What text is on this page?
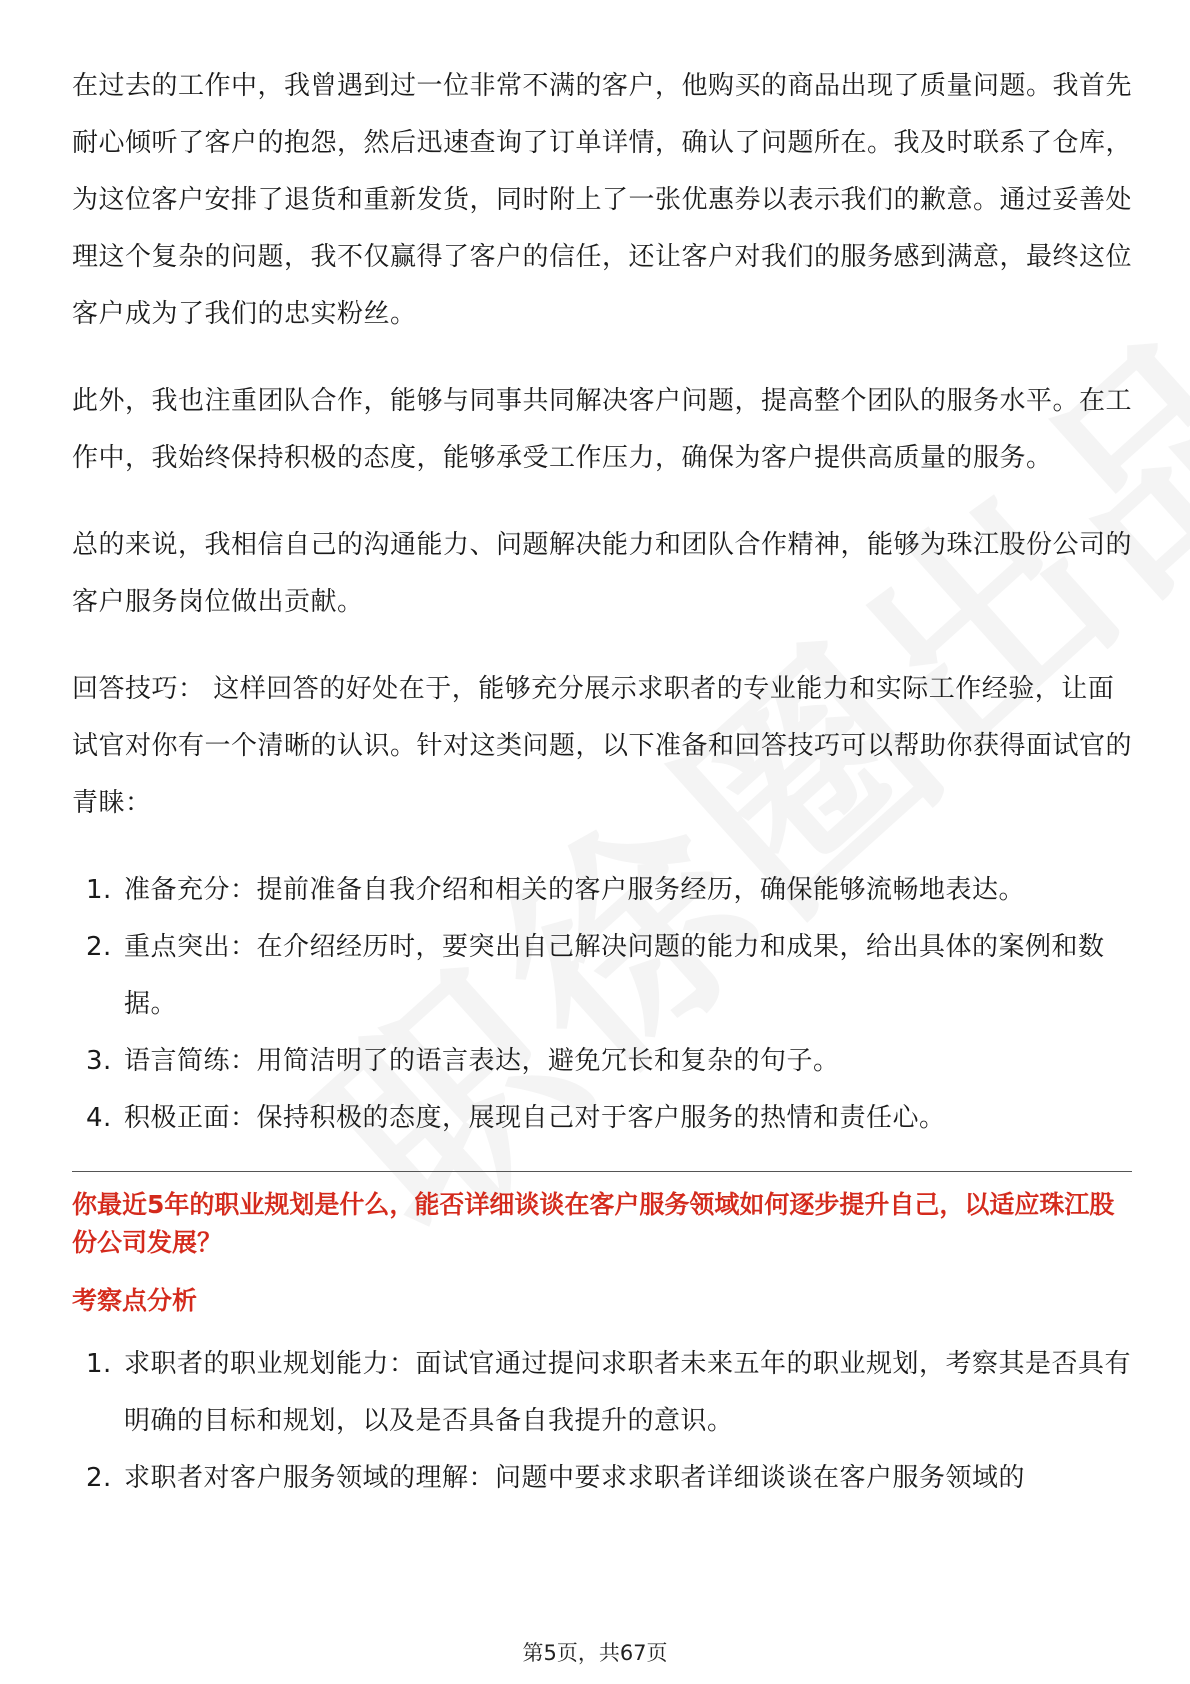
在过去的工作中，我曾遇到过一位非常不满的客户，他购买的商品出现了质量问题。我首先耐心倾听了客户的抱怨，然后迅速查询了订单详情，确认了问题所在。我及时联系了仓库，为这位客户安排了退货和重新发货，同时附上了一张优惠券以表示我们的歉意。通过妥善处理这个复杂的问题，我不仅赢得了客户的信任，还让客户对我们的服务感到满意，最终这位客户成为了我们的忠实粉丝。

此外，我也注重团队合作，能够与同事共同解决客户问题，提高整个团队的服务水平。在工作中，我始终保持积极的态度，能够承受工作压力，确保为客户提供高质量的服务。

总的来说，我相信自己的沟通能力、问题解决能力和团队合作精神，能够为珠江股份公司的客户服务岗位做出贡献。

回答技巧： 这样回答的好处在于，能够充分展示求职者的专业能力和实际工作经验，让面试官对你有一个清晰的认识。针对这类问题，以下准备和回答技巧可以帮助你获得面试官的青睐：

1. 准备充分：提前准备自我介绍和相关的客户服务经历，确保能够流畅地表达。
2. 重点突出：在介绍经历时，要突出自己解决问题的能力和成果，给出具体的案例和数据。
3. 语言简练：用简洁明了的语言表达，避免冗长和复杂的句子。
4. 积极正面：保持积极的态度，展现自己对于客户服务的热情和责任心。

你最近5年的职业规划是什么，能否详细谈谈在客户服务领域如何逐步提升自己，以适应珠江股份公司发展？

考察点分析

1. 求职者的职业规划能力：面试官通过提问求职者未来五年的职业规划，考察其是否具有明确的目标和规划，以及是否具备自我提升的意识。
2. 求职者对客户服务领域的理解：问题中要求求职者详细谈谈在客户服务领域的
第5页，共67页
